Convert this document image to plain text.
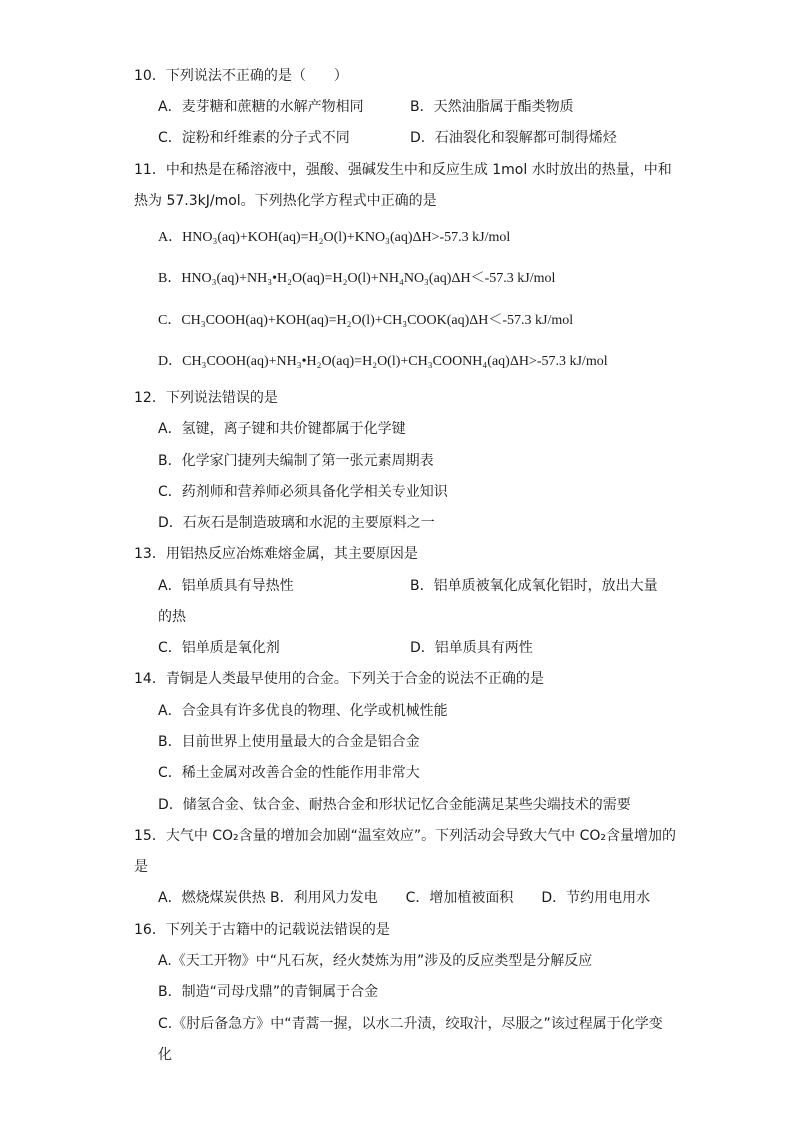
10．下列说法不正确的是（　　）
A．麦芽糖和蔗糖的水解产物相同	B．天然油脂属于酯类物质
C．淀粉和纤维素的分子式不同	D．石油裂化和裂解都可制得烯烃
11．中和热是在稀溶液中，强酸、强碱发生中和反应生成 1mol 水时放出的热量，中和
热为 57.3kJ/mol。下列热化学方程式中正确的是
A．HNO₃(aq)+KOH(aq)=H₂O(l)+KNO₃(aq)ΔH>-57.3 kJ/mol
B．HNO₃(aq)+NH₃•H₂O(aq)=H₂O(l)+NH₄NO₃(aq)ΔH＜-57.3 kJ/mol
C．CH₃COOH(aq)+KOH(aq)=H₂O(l)+CH₃COOK(aq)ΔH＜-57.3 kJ/mol
D．CH₃COOH(aq)+NH₃•H₂O(aq)=H₂O(l)+CH₃COONH₄(aq)ΔH>-57.3 kJ/mol
12．下列说法错误的是
A．氢键，离子键和共价键都属于化学键
B．化学家门捷列夫编制了第一张元素周期表
C．药剂师和营养师必须具备化学相关专业知识
D．石灰石是制造玻璃和水泥的主要原料之一
13．用铝热反应冶炼难熔金属，其主要原因是
A．铝单质具有导热性	B．铝单质被氧化成氧化铝时，放出大量
的热
C．铝单质是氧化剂	D．铝单质具有两性
14．青铜是人类最早使用的合金。下列关于合金的说法不正确的是
A．合金具有许多优良的物理、化学或机械性能
B．目前世界上使用量最大的合金是铝合金
C．稀土金属对改善合金的性能作用非常大
D．储氢合金、钛合金、耐热合金和形状记忆合金能满足某些尖端技术的需要
15．大气中 CO₂含量的增加会加剧“温室效应”。下列活动会导致大气中 CO₂含量增加的
是
A．燃烧煤炭供热 B．利用风力发电　　C．增加植被面积　　D．节约用电用水
16．下列关于古籍中的记载说法错误的是
A.《天工开物》中“凡石灰，经火焚炼为用”涉及的反应类型是分解反应
B．制造“司母戊鼎”的青铜属于合金
C.《肘后备急方》中“青蒿一握，以水二升渍，绞取汁，尽服之”该过程属于化学变
化
